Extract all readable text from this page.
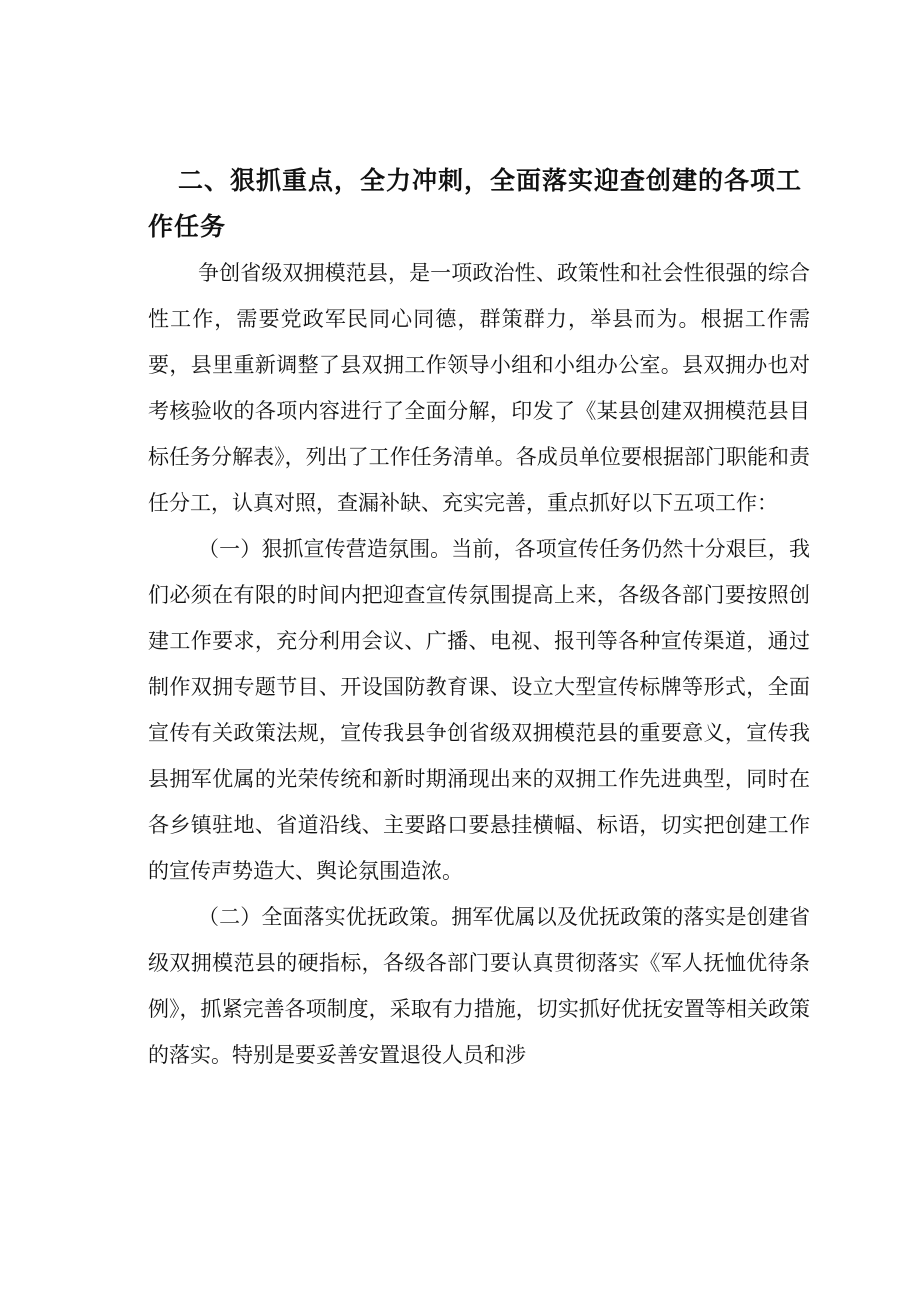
二、狠抓重点，全力冲刺，全面落实迎查创建的各项工作任务

争创省级双拥模范县，是一项政治性、政策性和社会性很强的综合性工作，需要党政军民同心同德，群策群力，举县而为。根据工作需要，县里重新调整了县双拥工作领导小组和小组办公室。县双拥办也对考核验收的各项内容进行了全面分解，印发了《某县创建双拥模范县目标任务分解表》，列出了工作任务清单。各成员单位要根据部门职能和责任分工，认真对照，查漏补缺、充实完善，重点抓好以下五项工作：

（一）狠抓宣传营造氛围。当前，各项宣传任务仍然十分艰巨，我们必须在有限的时间内把迎查宣传氛围提高上来，各级各部门要按照创建工作要求，充分利用会议、广播、电视、报刊等各种宣传渠道，通过制作双拥专题节目、开设国防教育课、设立大型宣传标牌等形式，全面宣传有关政策法规，宣传我县争创省级双拥模范县的重要意义，宣传我县拥军优属的光荣传统和新时期涌现出来的双拥工作先进典型，同时在各乡镇驻地、省道沿线、主要路口要悬挂横幅、标语，切实把创建工作的宣传声势造大、舆论氛围造浓。

（二）全面落实优抚政策。拥军优属以及优抚政策的落实是创建省级双拥模范县的硬指标，各级各部门要认真贯彻落实《军人抚恤优待条例》，抓紧完善各项制度，采取有力措施，切实抓好优抚安置等相关政策的落实。特别是要妥善安置退役人员和涉
